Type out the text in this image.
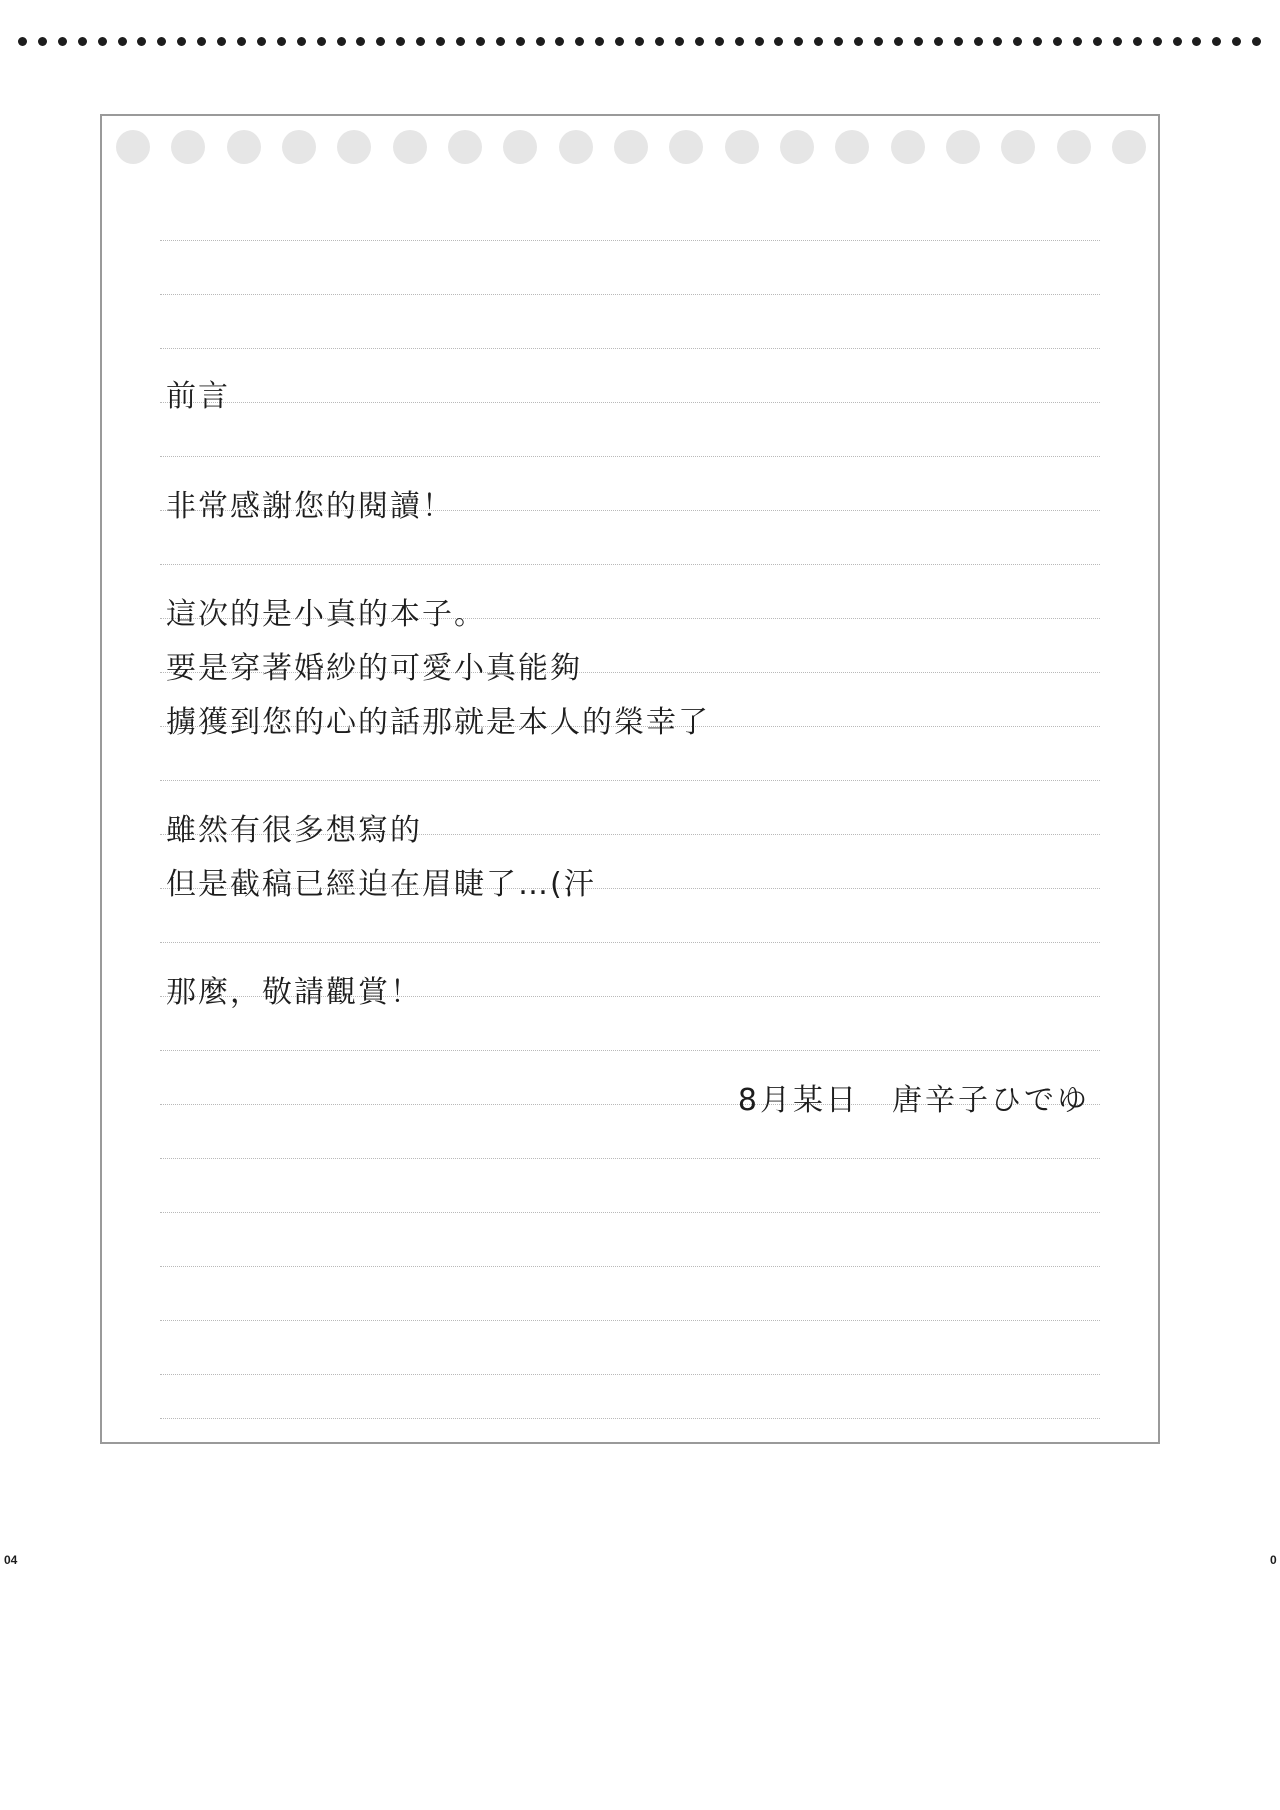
前言
非常感謝您的閱讀！
這次的是小真的本子。
要是穿著婚紗的可愛小真能夠
擄獲到您的心的話那就是本人的榮幸了
雖然有很多想寫的
但是截稿已經迫在眉睫了…(汗
那麼，敬請觀賞！
8月某日　唐辛子ひでゆ
04	0
